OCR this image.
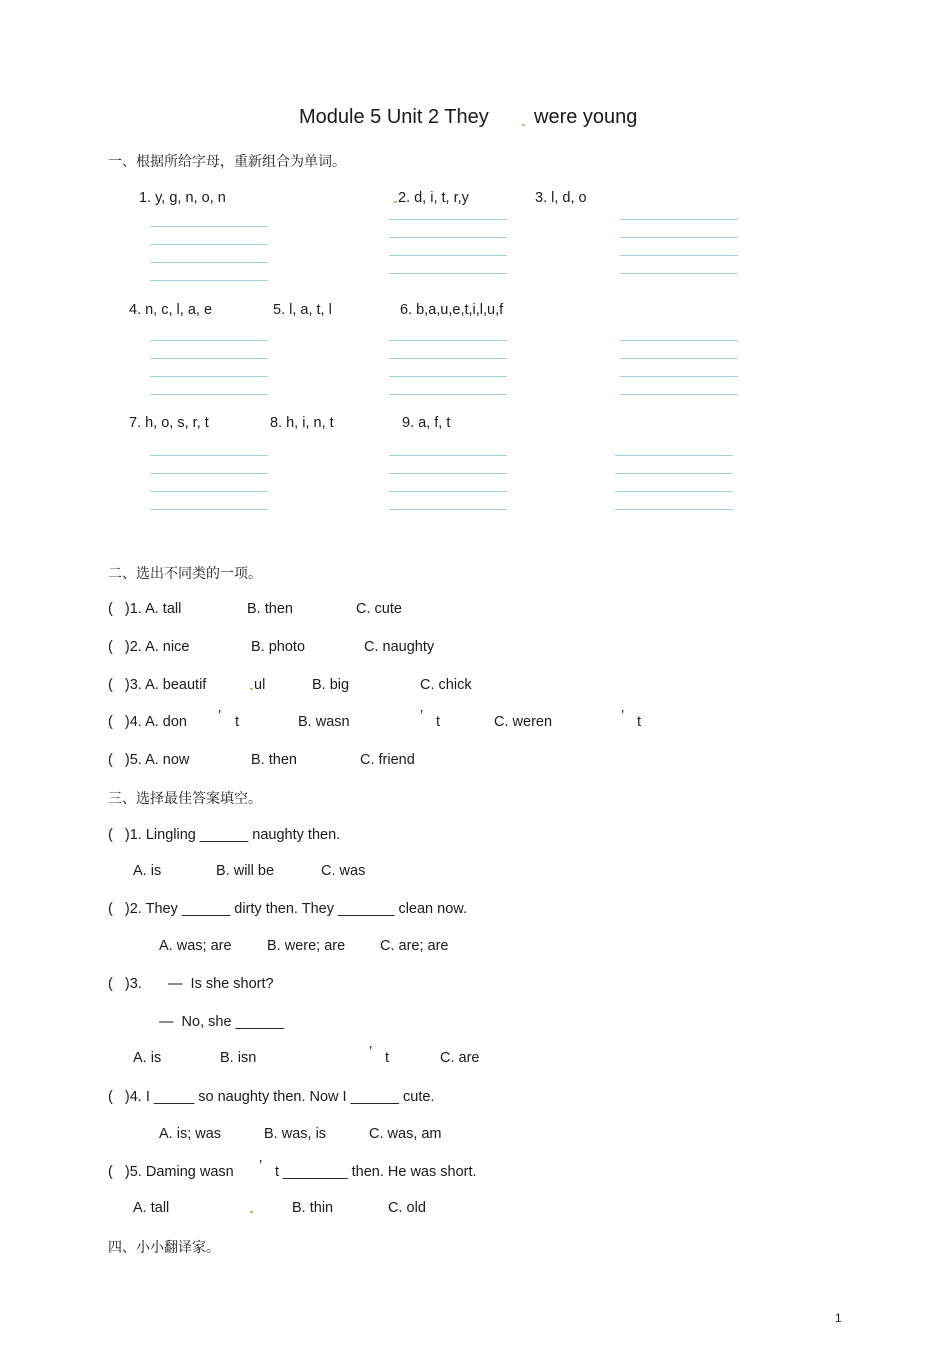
Module 5 Unit 2 They were young
一、根据所给字母，重新组合为单词。
1. y, g, n, o, n	2. d, i, t, r,y	3. l, d, o
4. n, c, l, a, e	5. l, a, t, l	6. b,a,u,e,t,i,l,u,f
7. h, o, s, r, t	8. h, i, n, t	9. a, f, t
二、选出不同类的一项。
(   )1. A. tall	B. then	C. cute
(   )2. A. nice	B. photo	C. naughty
(   )3. A. beautif	ul	B. big	C. chick
(   )4. A. don ’ t	B. wasn	’ t	C. weren	’ t
(   )5. A. now	B. then	C. friend
三、选择最佳答案填空。
(   )1. Lingling ______ naughty then.
A. is	B. will be	C. was
(   )2. They ______ dirty then. They _______ clean now.
A. was; are B. were; are C. are; are
(   )3. —  Is she short?
—  No, she ______
A. is	B. isn	’ t	C. are
(   )4. I _____ so naughty then. Now I ______ cute.
A. is; was	B. was, is	C. was, am
(   )5. Daming wasn ’ t ________ then. He was short.
A. tall	B. thin	C. old
四、小小翻译家。
1
